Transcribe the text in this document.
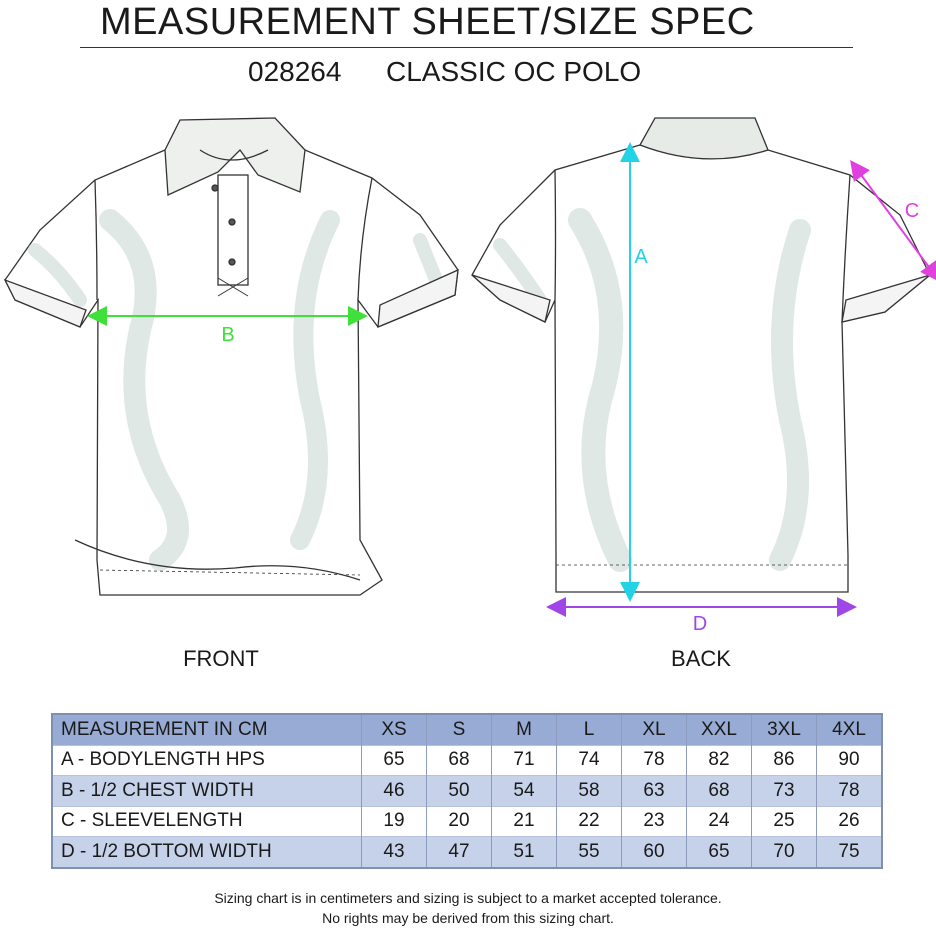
MEASUREMENT SHEET/SIZE SPEC
028264 CLASSIC OC POLO
B
A
C
D
FRONT	BACK
MEASUREMENT IN CM	XS	S	M	L	XL	XXL	3XL	4XL
A - BODYLENGTH HPS	65	68	71	74	78	82	86	90
B - 1/2 CHEST WIDTH	46	50	54	58	63	68	73	78
C - SLEEVELENGTH	19	20	21	22	23	24	25	26
D - 1/2 BOTTOM WIDTH	43	47	51	55	60	65	70	75
Sizing chart is in centimeters and sizing is subject to a market accepted tolerance.
No rights may be derived from this sizing chart.
